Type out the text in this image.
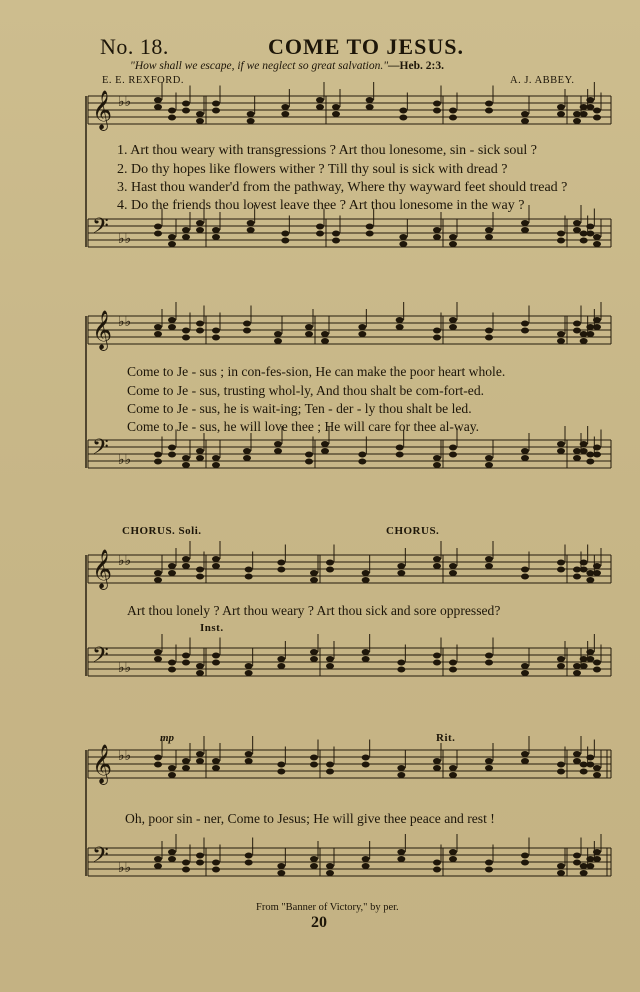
No. 18.	COME TO JESUS.
"How shall we escape, if we neglect so great salvation."—Heb. 2:3.
E. E. REXFORD.	A. J. ABBEY.
𝄞 ♭♭
𝄢 ♭♭
𝄞 ♭♭
𝄢 ♭♭
𝄞 ♭♭
𝄢 ♭♭
𝄞 ♭♭
𝄢 ♭♭
1. Art thou weary with transgressions ? Art thou lonesome, sin - sick soul ?
2. Do thy hopes like flowers wither ? Till thy soul is sick with dread ?
3. Hast thou wander'd from the pathway, Where thy wayward feet should tread ?
4. Do the friends thou lovest leave thee ? Art thou lonesome in the way ?
Come to Je - sus ; in con-fes-sion, He can make the poor heart whole.
Come to Je - sus, trusting whol-ly, And thou shalt be com-fort-ed.
Come to Je - sus, he is wait-ing; Ten - der - ly thou shalt be led.
Come to Je - sus, he will love thee ; He will care for thee al-way.
CHORUS. Soli.	CHORUS.
Art thou lonely ? Art thou weary ? Art thou sick and sore oppressed?
Inst.
mp	Rit.
Oh, poor sin - ner, Come to Jesus; He will give thee peace and rest !
From "Banner of Victory," by per.
20
